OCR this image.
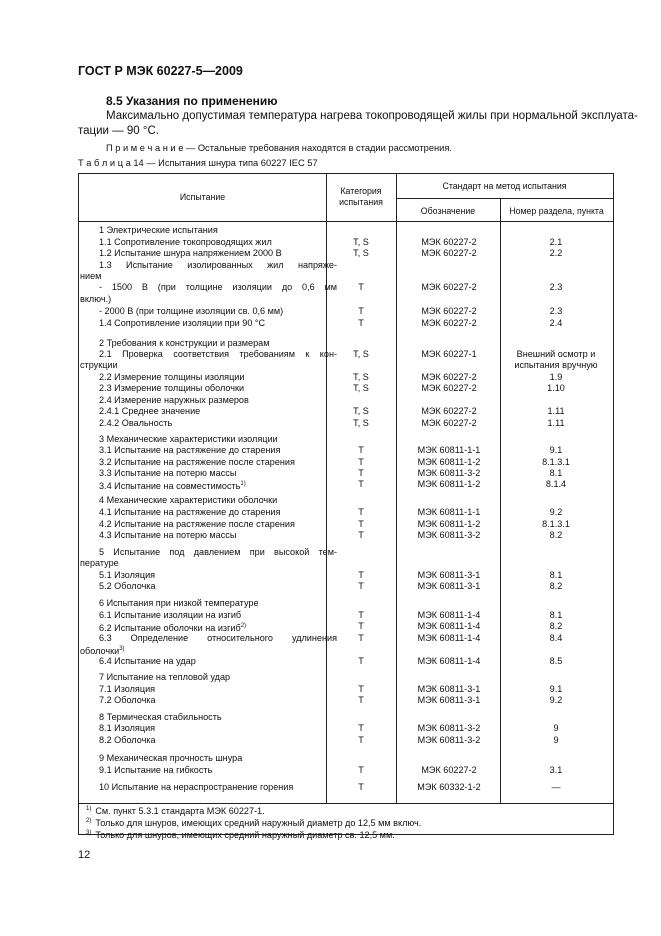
ГОСТ Р МЭК 60227-5—2009
8.5 Указания по применению
Максимально допустимая температура нагрева токопроводящей жилы при нормальной эксплуата-
тации — 90 °С.
П р и м е ч а н и е — Остальные требования находятся в стадии рассмотрения.
Т а б л и ц а 14 — Испытания шнура типа 60227 IEC 57
Испытание
Категория
испытания
Стандарт на метод испытания
Обозначение	Номер раздела, пункта
1 Электрические испытания
1.1 Сопротивление токопроводящих жил	T, S	МЭК 60227-2	2.1
1.2 Испытание шнура напряжением 2000 В	T, S	МЭК 60227-2	2.2
1.3 Испытание изолированных жил напряже-
нием
- 1500 В (при толщине изоляции до 0,6 мм	T	МЭК 60227-2	2.3
включ.)
- 2000 В (при толщине изоляции св. 0,6 мм)	T	МЭК 60227-2	2.3
1.4 Сопротивление изоляции при 90 °С	T	МЭК 60227-2	2.4
2 Требования к конструкции и размерам
2.1 Проверка соответствия требованиям к кон-	T, S	МЭК 60227-1	Внешний осмотр и
струкции	испытания вручную
2.2 Измерение толщины изоляции	T, S	МЭК 60227-2	1.9
2.3 Измерение толщины оболочки	T, S	МЭК 60227-2	1.10
2.4 Измерение наружных размеров
2.4.1 Среднее значение	T, S	МЭК 60227-2	1.11
2.4.2 Овальность	T, S	МЭК 60227-2	1.11
3 Механические характеристики изоляции
3.1 Испытание на растяжение до старения	T	МЭК 60811-1-1	9.1
3.2 Испытание на растяжение после старения	T	МЭК 60811-1-2	8.1.3.1
3.3 Испытание на потерю массы	T	МЭК 60811-3-2	8.1
3.4 Испытание на совместимость$^{1)}$	T	МЭК 60811-1-2	8.1.4
4 Механические характеристики оболочки
4.1 Испытание на растяжение до старения	T	МЭК 60811-1-1	9.2
4.2 Испытание на растяжение после старения	T	МЭК 60811-1-2	8.1.3.1
4.3 Испытание на потерю массы	T	МЭК 60811-3-2	8.2
5 Испытание под давлением при высокой тем-
пературе
5.1 Изоляция	T	МЭК 60811-3-1	8.1
5.2 Оболочка	T	МЭК 60811-3-1	8.2
6 Испытания при низкой температуре
6.1 Испытание изоляции на изгиб	T	МЭК 60811-1-4	8.1
6.2 Испытание оболочки на изгиб$^{2)}$	T	МЭК 60811-1-4	8.2
6.3 Определение относительного удлинения	T	МЭК 60811-1-4	8.4
оболочки$^{3)}$
6.4 Испытание на удар	T	МЭК 60811-1-4	8.5
7 Испытание на тепловой удар
7.1 Изоляция	T	МЭК 60811-3-1	9.1
7.2 Оболочка	T	МЭК 60811-3-1	9.2
8 Термическая стабильность
8.1 Изоляция	T	МЭК 60811-3-2	9
8.2 Оболочка	T	МЭК 60811-3-2	9
9 Механическая прочность шнура
9.1 Испытание на гибкость	T	МЭК 60227-2	3.1
10 Испытание на нераспространение горения	T	МЭК 60332-1-2	—
$^{1)}$ См. пункт 5.3.1 стандарта МЭК 60227-1.
$^{2)}$ Только для шнуров, имеющих средний наружный диаметр до 12,5 мм включ.
$^{3)}$ Только для шнуров, имеющих средний наружный диаметр св. 12,5 мм.
12
